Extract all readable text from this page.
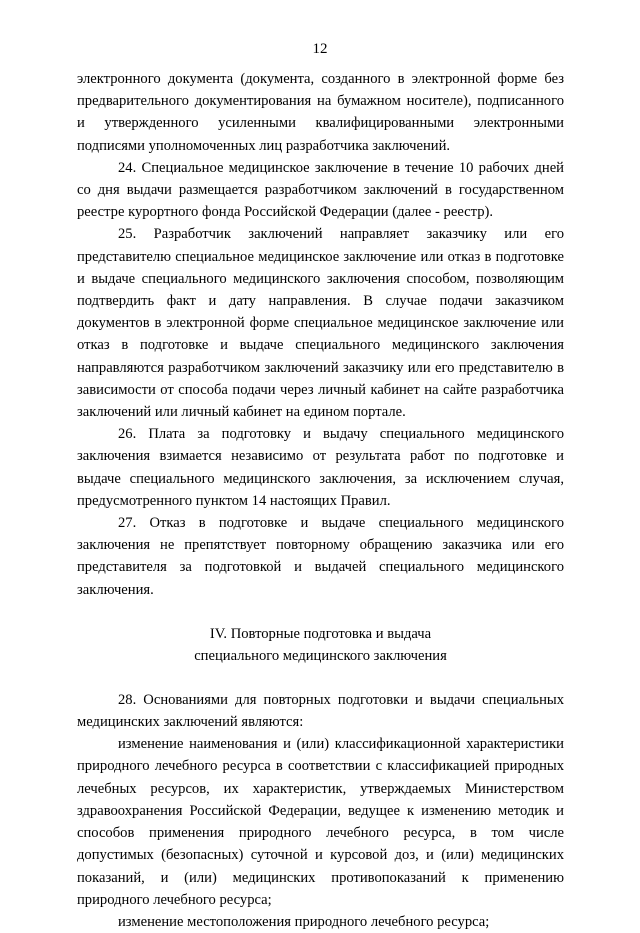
12

электронного документа (документа, созданного в электронной форме без предварительного документирования на бумажном носителе), подписанного и утвержденного усиленными квалифицированными электронными подписями уполномоченных лиц разработчика заключений.

24. Специальное медицинское заключение в течение 10 рабочих дней со дня выдачи размещается разработчиком заключений в государственном реестре курортного фонда Российской Федерации (далее - реестр).

25. Разработчик заключений направляет заказчику или его представителю специальное медицинское заключение или отказ в подготовке и выдаче специального медицинского заключения способом, позволяющим подтвердить факт и дату направления. В случае подачи заказчиком документов в электронной форме специальное медицинское заключение или отказ в подготовке и выдаче специального медицинского заключения направляются разработчиком заключений заказчику или его представителю в зависимости от способа подачи через личный кабинет на сайте разработчика заключений или личный кабинет на едином портале.

26. Плата за подготовку и выдачу специального медицинского заключения взимается независимо от результата работ по подготовке и выдаче специального медицинского заключения, за исключением случая, предусмотренного пунктом 14 настоящих Правил.

27. Отказ в подготовке и выдаче специального медицинского заключения не препятствует повторному обращению заказчика или его представителя за подготовкой и выдачей специального медицинского заключения.

IV. Повторные подготовка и выдача
специального медицинского заключения

28. Основаниями для повторных подготовки и выдачи специальных медицинских заключений являются:

изменение наименования и (или) классификационной характеристики природного лечебного ресурса в соответствии с классификацией природных лечебных ресурсов, их характеристик, утверждаемых Министерством здравоохранения Российской Федерации, ведущее к изменению методик и способов применения природного лечебного ресурса, в том числе допустимых (безопасных) суточной и курсовой доз, и (или) медицинских показаний, и (или) медицинских противопоказаний к применению природного лечебного ресурса;

изменение местоположения природного лечебного ресурса;
